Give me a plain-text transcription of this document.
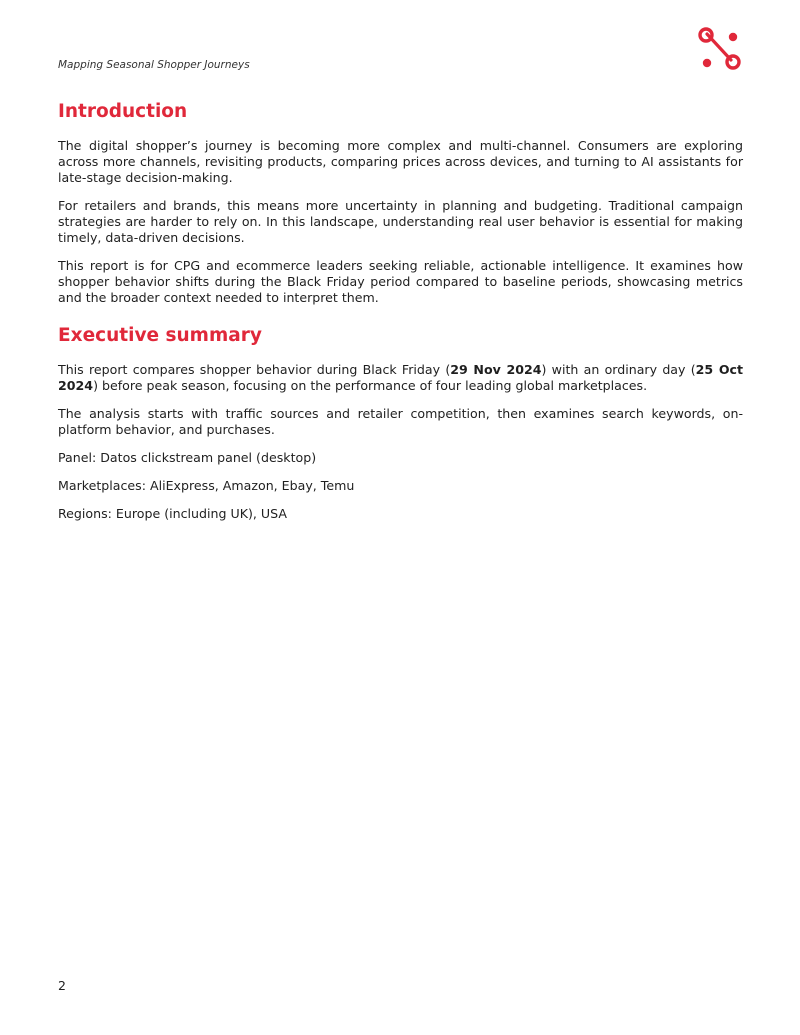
Mapping Seasonal Shopper Journeys
Introduction

The digital shopper’s journey is becoming more complex and multi-channel. Consumers are exploring across more channels, revisiting products, comparing prices across devices, and turning to AI assistants for late-stage decision-making.

For retailers and brands, this means more uncertainty in planning and budgeting. Traditional campaign strategies are harder to rely on. In this landscape, understanding real user behavior is essential for making timely, data-driven decisions.

This report is for CPG and ecommerce leaders seeking reliable, actionable intelligence. It examines how shopper behavior shifts during the Black Friday period compared to baseline periods, showcasing metrics and the broader context needed to interpret them.

Executive summary

This report compares shopper behavior during Black Friday (29 Nov 2024) with an ordinary day (25 Oct 2024) before peak season, focusing on the performance of four leading global marketplaces.

The analysis starts with traffic sources and retailer competition, then examines search keywords, on-platform behavior, and purchases.

Panel: Datos clickstream panel (desktop)

Marketplaces: AliExpress, Amazon, Ebay, Temu

Regions: Europe (including UK), USA

2
